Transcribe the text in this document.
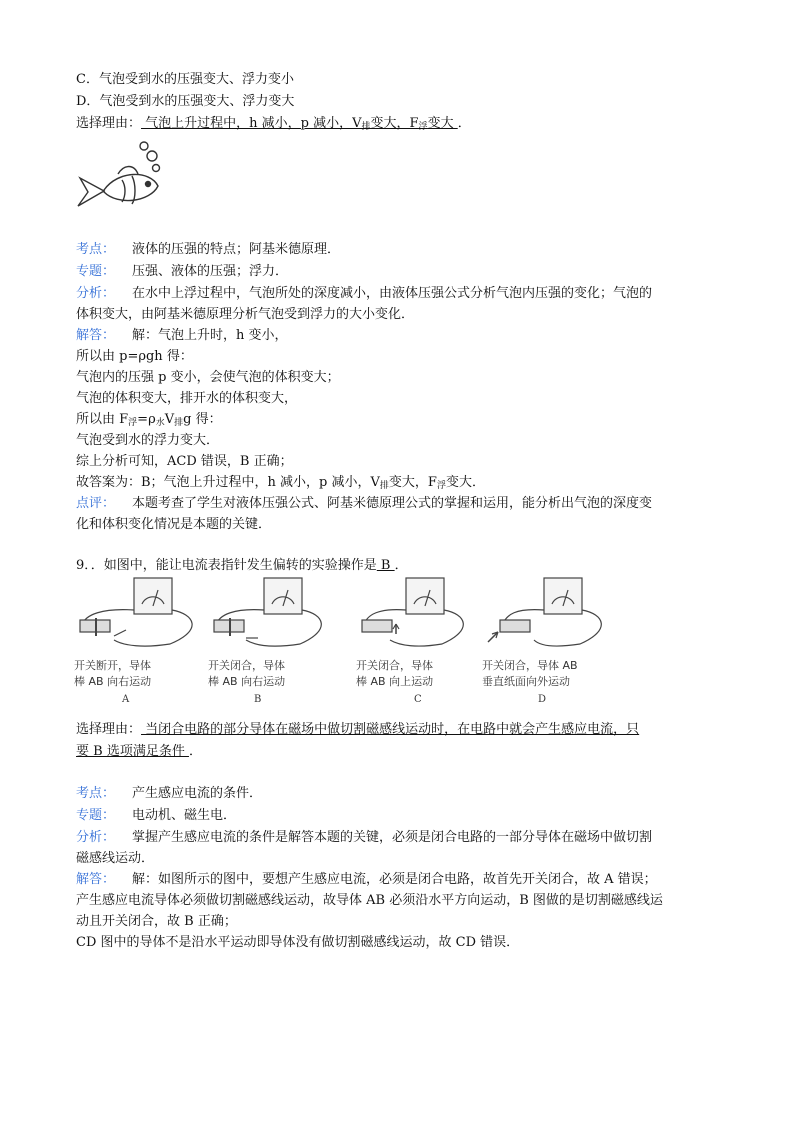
C．气泡受到水的压强变大、浮力变小
D．气泡受到水的压强变大、浮力变大
选择理由： 气泡上升过程中，h 减小，p 减小，$V_排$变大，$F_浮$变大 ．
考点： 液体的压强的特点；阿基米德原理．
专题： 压强、液体的压强；浮力．
分析： 在水中上浮过程中，气泡所处的深度减小，由液体压强公式分析气泡内压强的变化；气泡的
体积变大，由阿基米德原理分析气泡受到浮力的大小变化．
解答： 解：气泡上升时，h 变小，
所以由 p=ρgh 得：
气泡内的压强 p 变小，会使气泡的体积变大；
气泡的体积变大，排开水的体积变大，
所以由 $F_浮=\rho_水V_排g$ 得：
气泡受到水的浮力变大．
综上分析可知，ACD 错误，B 正确；
故答案为：B；气泡上升过程中，h 减小，p 减小，$V_排$变大，$F_浮$变大．
点评： 本题考查了学生对液体压强公式、阿基米德原理公式的掌握和运用，能分析出气泡的深度变
化和体积变化情况是本题的关键．
9．．如图中，能让电流表指针发生偏转的实验操作是 B ．
开关断开，导体
棒 AB 向右运动
A
开关闭合，导体
棒 AB 向右运动
B
开关闭合，导体
棒 AB 向上运动
C
开关闭合，导体 AB
垂直纸面向外运动
D
选择理由： 当闭合电路的部分导体在磁场中做切割磁感线运动时，在电路中就会产生感应电流，只
要 B 选项满足条件 ．
考点： 产生感应电流的条件．
专题： 电动机、磁生电．
分析： 掌握产生感应电流的条件是解答本题的关键，必须是闭合电路的一部分导体在磁场中做切割
磁感线运动．
解答： 解：如图所示的图中，要想产生感应电流，必须是闭合电路，故首先开关闭合，故 A 错误；
产生感应电流导体必须做切割磁感线运动，故导体 AB 必须沿水平方向运动，B 图做的是切割磁感线运
动且开关闭合，故 B 正确；
CD 图中的导体不是沿水平运动即导体没有做切割磁感线运动，故 CD 错误．
